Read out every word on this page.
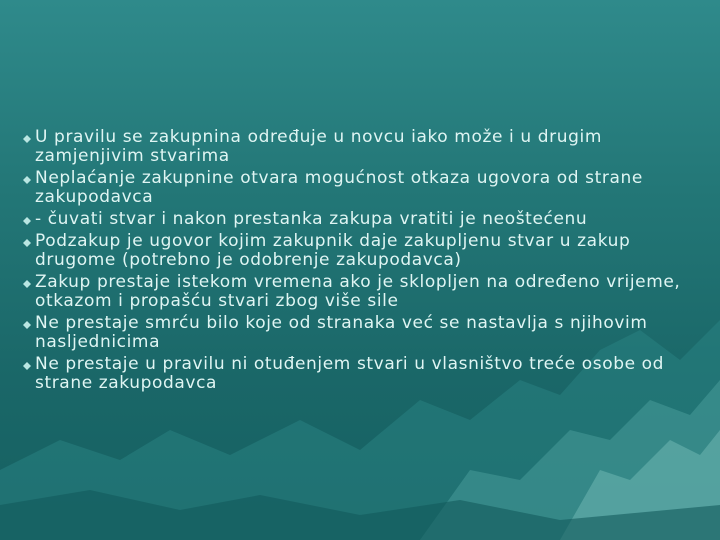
U pravilu se zakupnina određuje u novcu iako može i u drugim zamjenjivim stvarima
Neplaćanje zakupnine otvara mogućnost otkaza ugovora od strane zakupodavca
- čuvati stvar i nakon prestanka zakupa vratiti je neoštećenu
Podzakup je ugovor kojim zakupnik daje zakupljenu stvar u zakup drugome (potrebno je odobrenje zakupodavca)
Zakup prestaje istekom vremena ako je sklopljen na određeno vrijeme, otkazom i propašću stvari zbog više sile
Ne prestaje smrću bilo koje od stranaka već se nastavlja s njihovim nasljednicima
Ne prestaje u pravilu ni otuđenjem stvari u vlasništvo treće osobe od strane zakupodavca
